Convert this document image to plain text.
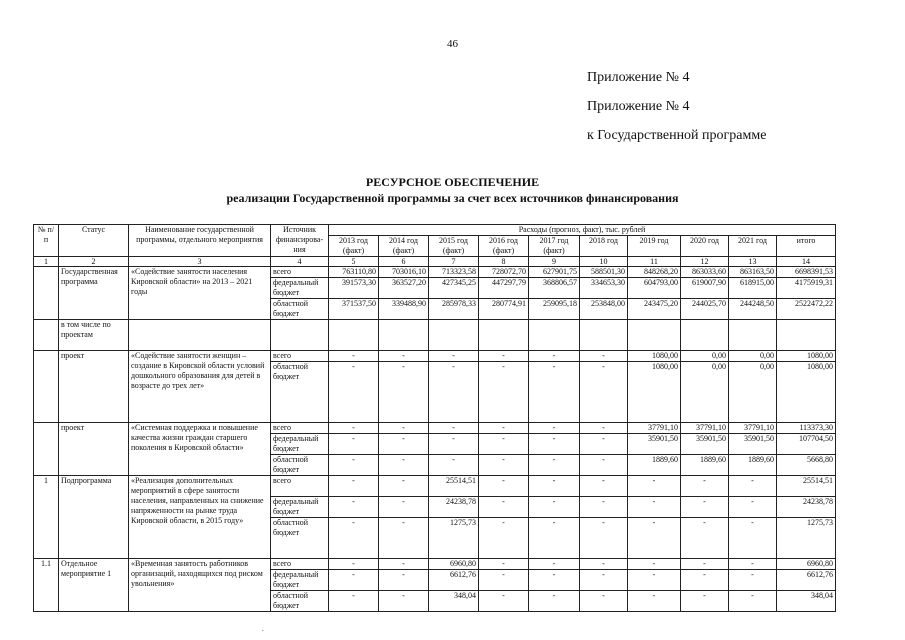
46
Приложение № 4
Приложение № 4
к Государственной программе
РЕСУРСНОЕ ОБЕСПЕЧЕНИЕ
реализации Государственной программы за счет всех источников финансирования
№ п/п	Статус	Наименование государственной программы, отдельного мероприятия	Источник финансирова-ния	Расходы (прогноз, факт), тыс. рублей									
				2013 год (факт)	2014 год (факт)	2015 год (факт)	2016 год (факт)	2017 год (факт)	2018 год	2019 год	2020 год	2021 год	итого
1	2	3	4	5	6	7	8	9	10	11	12	13	14
	Государственная программа	«Содействие занятости населения Кировской области» на 2013 – 2021 годы	всего	763110,80	703016,10	713323,58	728072,70	627901,75	588501,30	848268,20	863033,60	863163,50	6698391,53
			федеральный бюджет	391573,30	363527,20	427345,25	447297,79	368806,57	334653,30	604793,00	619007,90	618915,00	4175919,31
			областной бюджет	371537,50	339488,90	285978,33	280774,91	259095,18	253848,00	243475,20	244025,70	244248,50	2522472,22
	в том числе по проектам												
	проект	«Содействие занятости женщин – создание в Кировской области условий дошкольного образования для детей в возрасте до трех лет»	всего	-	-	-	-	-	-	1080,00	0,00	0,00	1080,00
			областной бюджет	-	-	-	-	-	-	1080,00	0,00	0,00	1080,00
	проект	«Системная поддержка и повышение качества жизни граждан старшего поколения в Кировской области»	всего	-	-	-	-	-	-	37791,10	37791,10	37791,10	113373,30
			федеральный бюджет	-	-	-	-	-	-	35901,50	35901,50	35901,50	107704,50
			областной бюджет	-	-	-	-	-	-	1889,60	1889,60	1889,60	5668,80
1	Подпрограмма	«Реализация дополнительных мероприятий в сфере занятости населения, направленных на снижение напряженности на рынке труда Кировской области, в 2015 году»	всего	-	-	25514,51	-	-	-	-	-	-	25514,51
			федеральный бюджет	-	-	24238,78	-	-	-	-	-	-	24238,78
			областной бюджет	-	-	1275,73	-	-	-	-	-	-	1275,73
1.1	Отдельное мероприятие 1	«Временная занятость работников организаций, находящихся под риском увольнения»	всего	-	-	6960,80	-	-	-	-	-	-	6960,80
			федеральный бюджет	-	-	6612,76	-	-	-	-	-	-	6612,76
			областной бюджет	-	-	348,04	-	-	-	-	-	-	348,04
.
